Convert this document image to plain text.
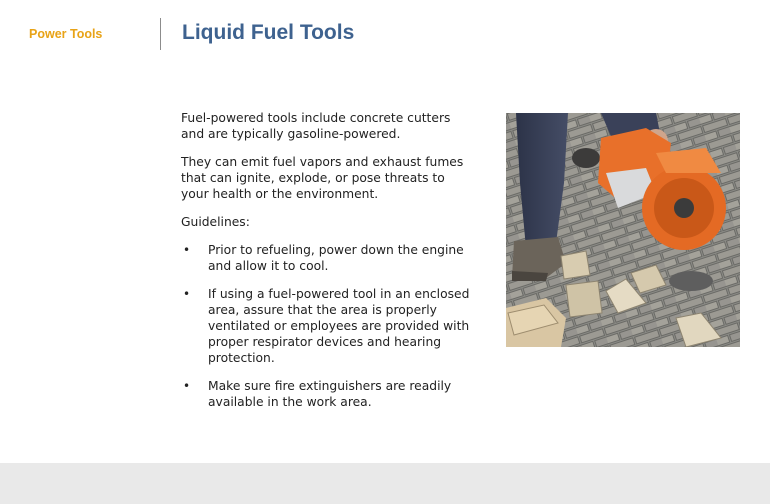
Power Tools	Liquid Fuel Tools

Fuel-powered tools include concrete cutters and are typically gasoline-powered.

They can emit fuel vapors and exhaust fumes that can ignite, explode, or pose threats to your health or the environment.

Guidelines:

• Prior to refueling, power down the engine and allow it to cool.
• If using a fuel-powered tool in an enclosed area, assure that the area is properly ventilated or employees are provided with proper respirator devices and hearing protection.
• Make sure fire extinguishers are readily available in the work area.
